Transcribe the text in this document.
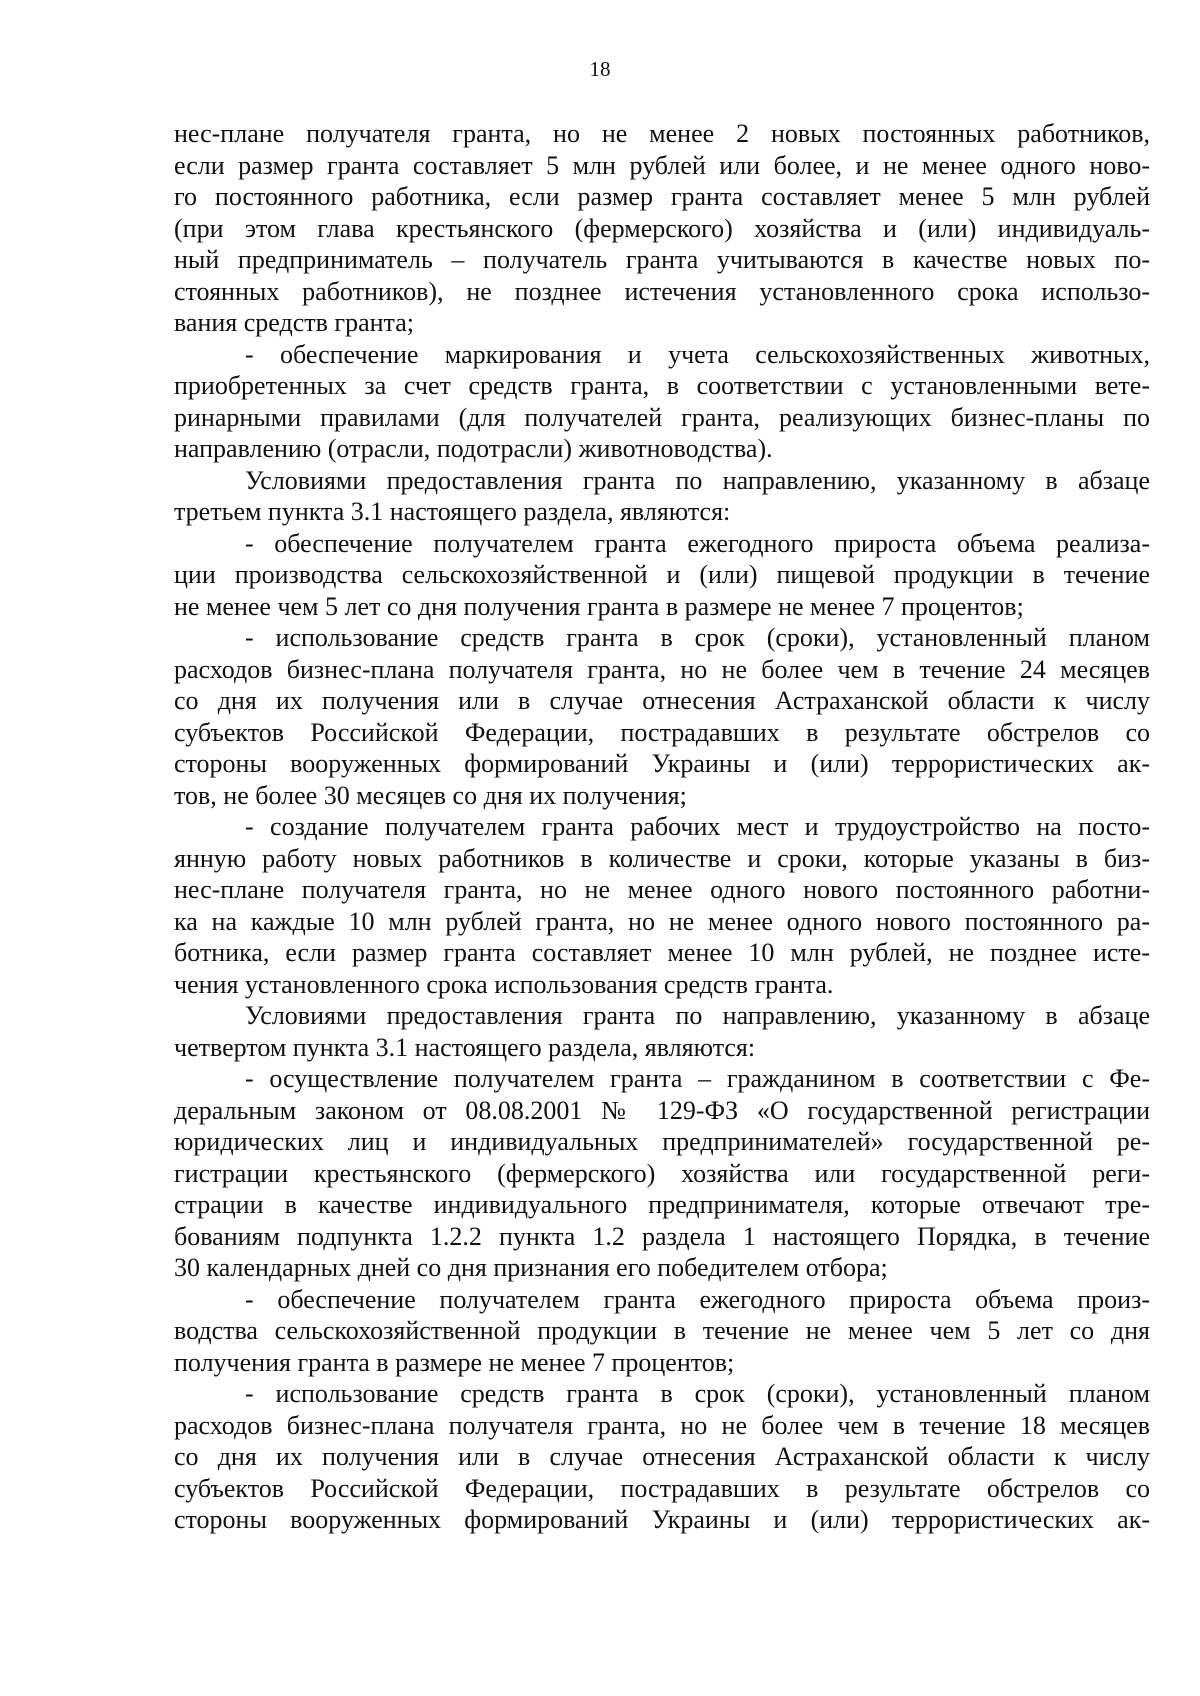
18
нес-плане получателя гранта, но не менее 2 новых постоянных работников,
если размер гранта составляет 5 млн рублей или более, и не менее одного ново-
го постоянного работника, если размер гранта составляет менее 5 млн рублей
(при этом глава крестьянского (фермерского) хозяйства и (или) индивидуаль-
ный предприниматель – получатель гранта учитываются в качестве новых по-
стоянных работников), не позднее истечения установленного срока использо-
вания средств гранта;
- обеспечение маркирования и учета сельскохозяйственных животных,
приобретенных за счет средств гранта, в соответствии с установленными вете-
ринарными правилами (для получателей гранта, реализующих бизнес-планы по
направлению (отрасли, подотрасли) животноводства).
Условиями предоставления гранта по направлению, указанному в абзаце
третьем пункта 3.1 настоящего раздела, являются:
- обеспечение получателем гранта ежегодного прироста объема реализа-
ции производства сельскохозяйственной и (или) пищевой продукции в течение
не менее чем 5 лет со дня получения гранта в размере не менее 7 процентов;
- использование средств гранта в срок (сроки), установленный планом
расходов бизнес-плана получателя гранта, но не более чем в течение 24 месяцев
со дня их получения или в случае отнесения Астраханской области к числу
субъектов Российской Федерации, пострадавших в результате обстрелов со
стороны вооруженных формирований Украины и (или) террористических ак-
тов, не более 30 месяцев со дня их получения;
- создание получателем гранта рабочих мест и трудоустройство на посто-
янную работу новых работников в количестве и сроки, которые указаны в биз-
нес-плане получателя гранта, но не менее одного нового постоянного работни-
ка на каждые 10 млн рублей гранта, но не менее одного нового постоянного ра-
ботника, если размер гранта составляет менее 10 млн рублей, не позднее исте-
чения установленного срока использования средств гранта.
Условиями предоставления гранта по направлению, указанному в абзаце
четвертом пункта 3.1 настоящего раздела, являются:
- осуществление получателем гранта – гражданином в соответствии с Фе-
деральным законом от 08.08.2001 № 129-ФЗ «О государственной регистрации
юридических лиц и индивидуальных предпринимателей» государственной ре-
гистрации крестьянского (фермерского) хозяйства или государственной реги-
страции в качестве индивидуального предпринимателя, которые отвечают тре-
бованиям подпункта 1.2.2 пункта 1.2 раздела 1 настоящего Порядка, в течение
30 календарных дней со дня признания его победителем отбора;
- обеспечение получателем гранта ежегодного прироста объема произ-
водства сельскохозяйственной продукции в течение не менее чем 5 лет со дня
получения гранта в размере не менее 7 процентов;
- использование средств гранта в срок (сроки), установленный планом
расходов бизнес-плана получателя гранта, но не более чем в течение 18 месяцев
со дня их получения или в случае отнесения Астраханской области к числу
субъектов Российской Федерации, пострадавших в результате обстрелов со
стороны вооруженных формирований Украины и (или) террористических ак-
